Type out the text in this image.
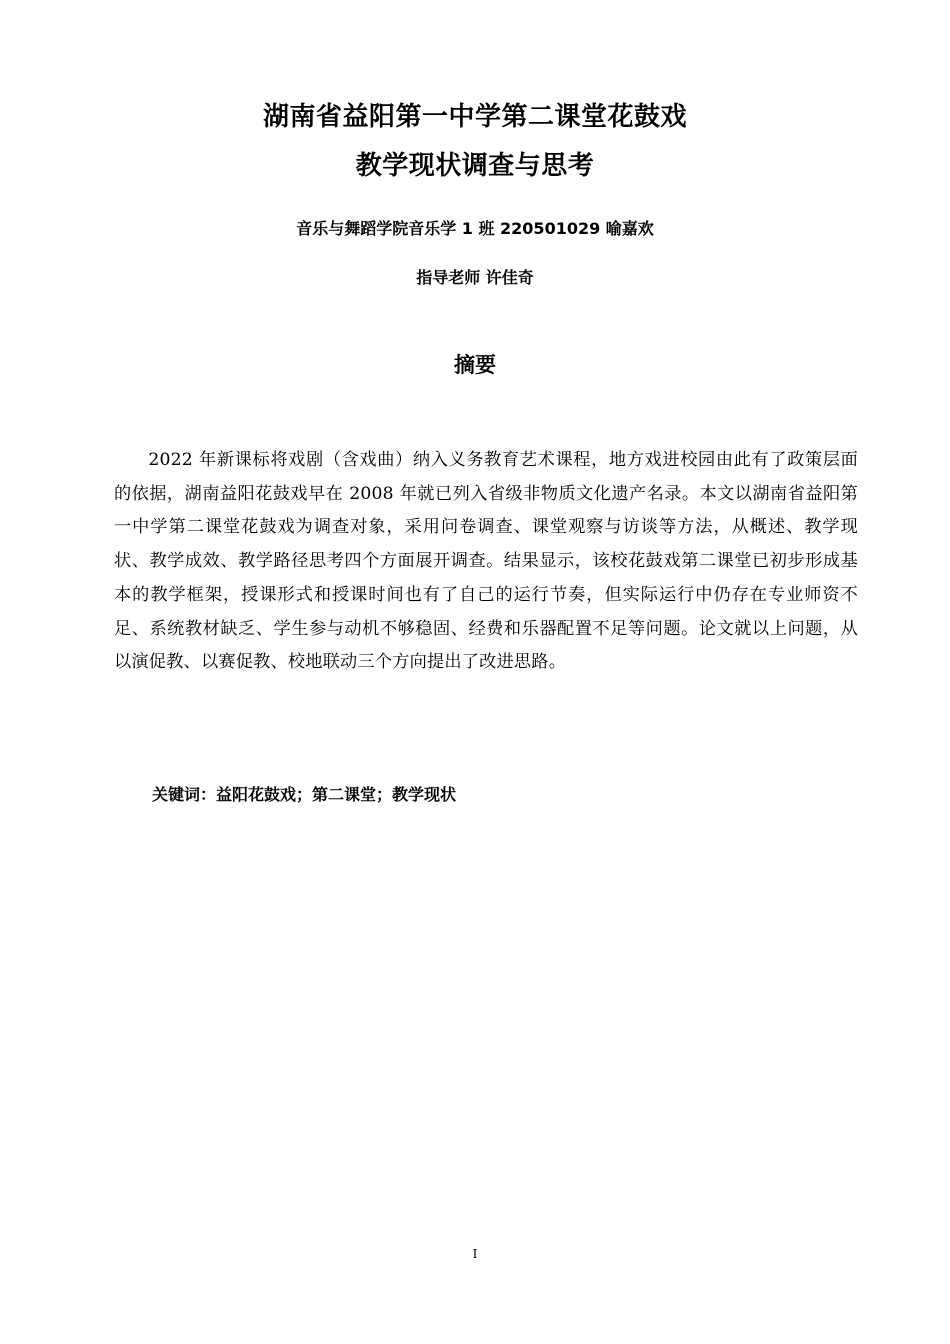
湖南省益阳第一中学第二课堂花鼓戏
教学现状调查与思考
音乐与舞蹈学院音乐学 1 班 220501029 喻嘉欢
指导老师 许佳奇
摘要

2022 年新课标将戏剧（含戏曲）纳入义务教育艺术课程，地方戏进校园由此有了政策层面的依据，湖南益阳花鼓戏早在 2008 年就已列入省级非物质文化遗产名录。本文以湖南省益阳第一中学第二课堂花鼓戏为调查对象，采用问卷调查、课堂观察与访谈等方法，从概述、教学现状、教学成效、教学路径思考四个方面展开调查。结果显示，该校花鼓戏第二课堂已初步形成基本的教学框架，授课形式和授课时间也有了自己的运行节奏，但实际运行中仍存在专业师资不足、系统教材缺乏、学生参与动机不够稳固、经费和乐器配置不足等问题。论文就以上问题，从以演促教、以赛促教、校地联动三个方向提出了改进思路。

关键词：益阳花鼓戏；第二课堂；教学现状
I
